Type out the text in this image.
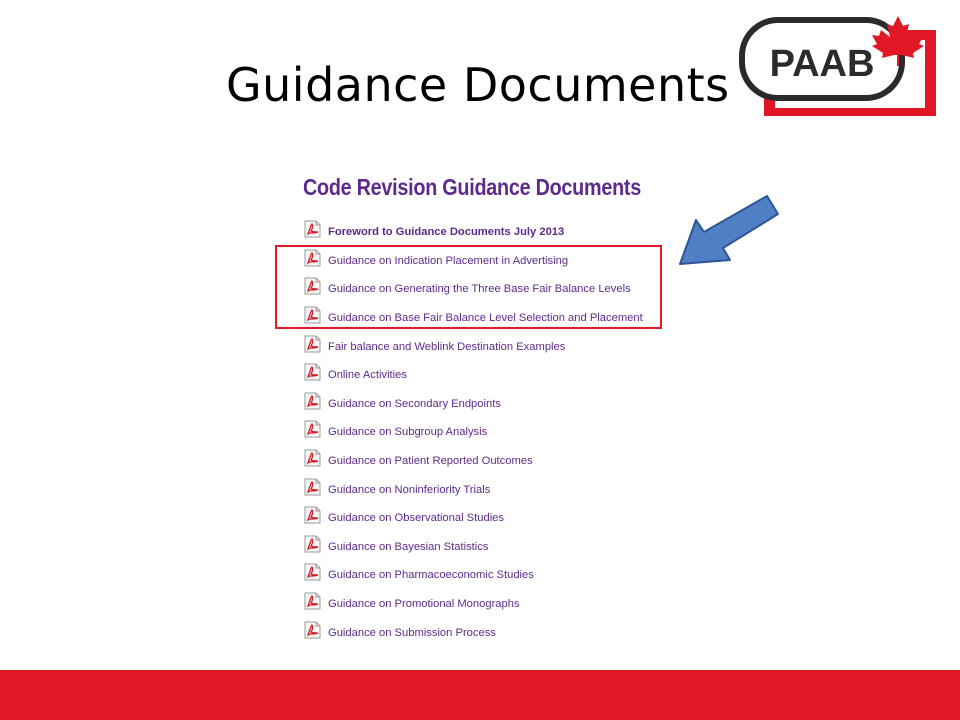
Guidance Documents PAAB
Code Revision Guidance Documents
Foreword to Guidance Documents July 2013
Guidance on Indication Placement in Advertising
Guidance on Generating the Three Base Fair Balance Levels
Guidance on Base Fair Balance Level Selection and Placement
Fair balance and Weblink Destination Examples
Online Activities
Guidance on Secondary Endpoints
Guidance on Subgroup Analysis
Guidance on Patient Reported Outcomes
Guidance on Noninferiority Trials
Guidance on Observational Studies
Guidance on Bayesian Statistics
Guidance on Pharmacoeconomic Studies
Guidance on Promotional Monographs
Guidance on Submission Process
